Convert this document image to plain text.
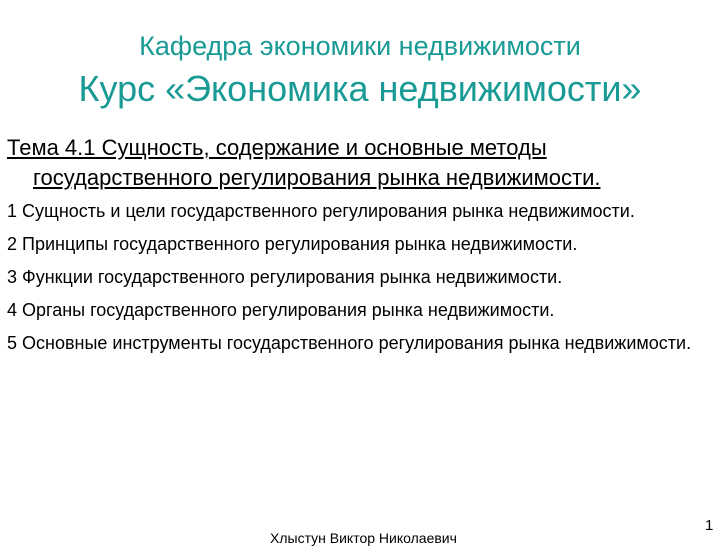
Кафедра экономики недвижимости
Курс «Экономика недвижимости»

Тема 4.1 Сущность, содержание и основные методы государственного регулирования рынка недвижимости.

1 Сущность и цели государственного регулирования рынка недвижимости.

2 Принципы государственного регулирования рынка недвижимости.

3 Функции государственного регулирования рынка недвижимости.

4 Органы государственного регулирования рынка недвижимости.

5 Основные инструменты государственного регулирования рынка недвижимости.

Хлыстун Виктор Николаевич
1
